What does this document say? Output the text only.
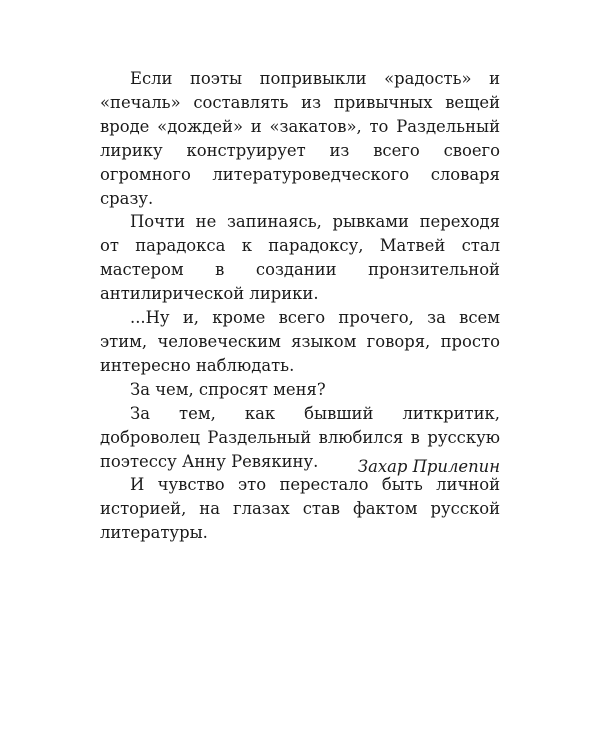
Если поэты попривыкли «радость» и «печаль» составлять из привычных вещей вроде «дождей» и «закатов», то Раздельный лирику конструирует из всего своего огромного литературоведческого словаря сразу.

Почти не запинаясь, рывками переходя от парадокса к парадоксу, Матвей стал мастером в создании пронзительной антилирической лирики.

...Ну и, кроме всего прочего, за всем этим, человеческим языком говоря, просто интересно наблюдать.

За чем, спросят меня?

За тем, как бывший литкритик, доброволец Раздельный влюбился в русскую поэтессу Анну Ревякину.

И чувство это перестало быть личной историей, на глазах став фактом русской литературы.

Захар Прилепин
